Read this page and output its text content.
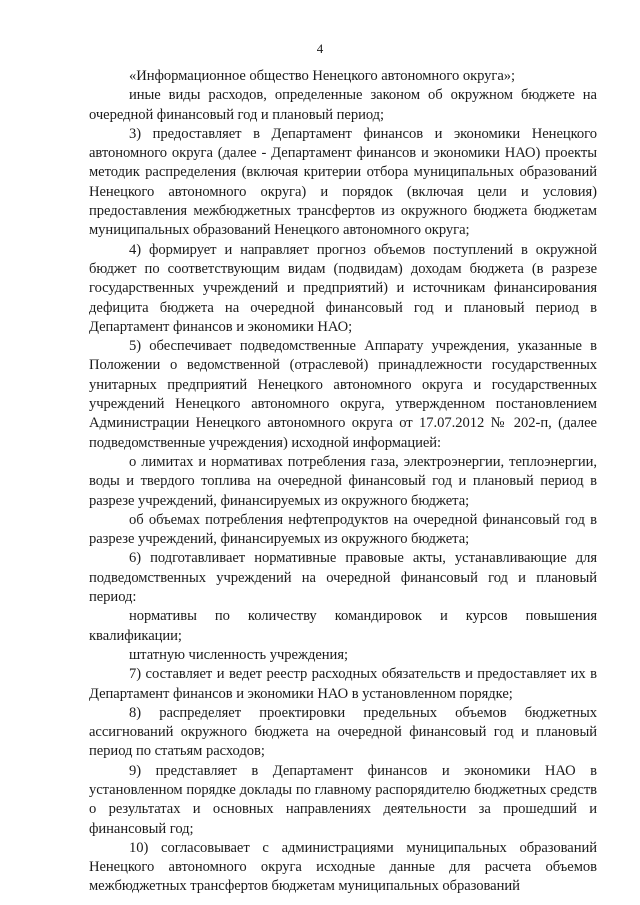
4

«Информационное общество Ненецкого автономного округа»;

иные виды расходов, определенные законом об окружном бюджете на очередной финансовый год и плановый период;

3) предоставляет в Департамент финансов и экономики Ненецкого автономного округа (далее - Департамент финансов и экономики НАО) проекты методик распределения (включая критерии отбора муниципальных образований Ненецкого автономного округа) и порядок (включая цели и условия) предоставления межбюджетных трансфертов из окружного бюджета бюджетам муниципальных образований Ненецкого автономного округа;

4) формирует и направляет прогноз объемов поступлений в окружной бюджет по соответствующим видам (подвидам) доходам бюджета (в разрезе государственных учреждений и предприятий) и источникам финансирования дефицита бюджета на очередной финансовый год и плановый период в Департамент финансов и экономики НАО;

5) обеспечивает подведомственные Аппарату учреждения, указанные в Положении о ведомственной (отраслевой) принадлежности государственных унитарных предприятий Ненецкого автономного округа и государственных учреждений Ненецкого автономного округа, утвержденном постановлением Администрации Ненецкого автономного округа от 17.07.2012 № 202-п, (далее подведомственные учреждения) исходной информацией:

о лимитах и нормативах потребления газа, электроэнергии, теплоэнергии, воды и твердого топлива на очередной финансовый год и плановый период в разрезе учреждений, финансируемых из окружного бюджета;

об объемах потребления нефтепродуктов на очередной финансовый год в разрезе учреждений, финансируемых из окружного бюджета;

6) подготавливает нормативные правовые акты, устанавливающие для подведомственных учреждений на очередной финансовый год и плановый период:

нормативы по количеству командировок и курсов повышения квалификации;

штатную численность учреждения;

7) составляет и ведет реестр расходных обязательств и предоставляет их в Департамент финансов и экономики НАО в установленном порядке;

8) распределяет проектировки предельных объемов бюджетных ассигнований окружного бюджета на очередной финансовый год и плановый период по статьям расходов;

9) представляет в Департамент финансов и экономики НАО в установленном порядке доклады по главному распорядителю бюджетных средств о результатах и основных направлениях деятельности за прошедший и финансовый год;

10) согласовывает с администрациями муниципальных образований Ненецкого автономного округа исходные данные для расчета объемов межбюджетных трансфертов бюджетам муниципальных образований
